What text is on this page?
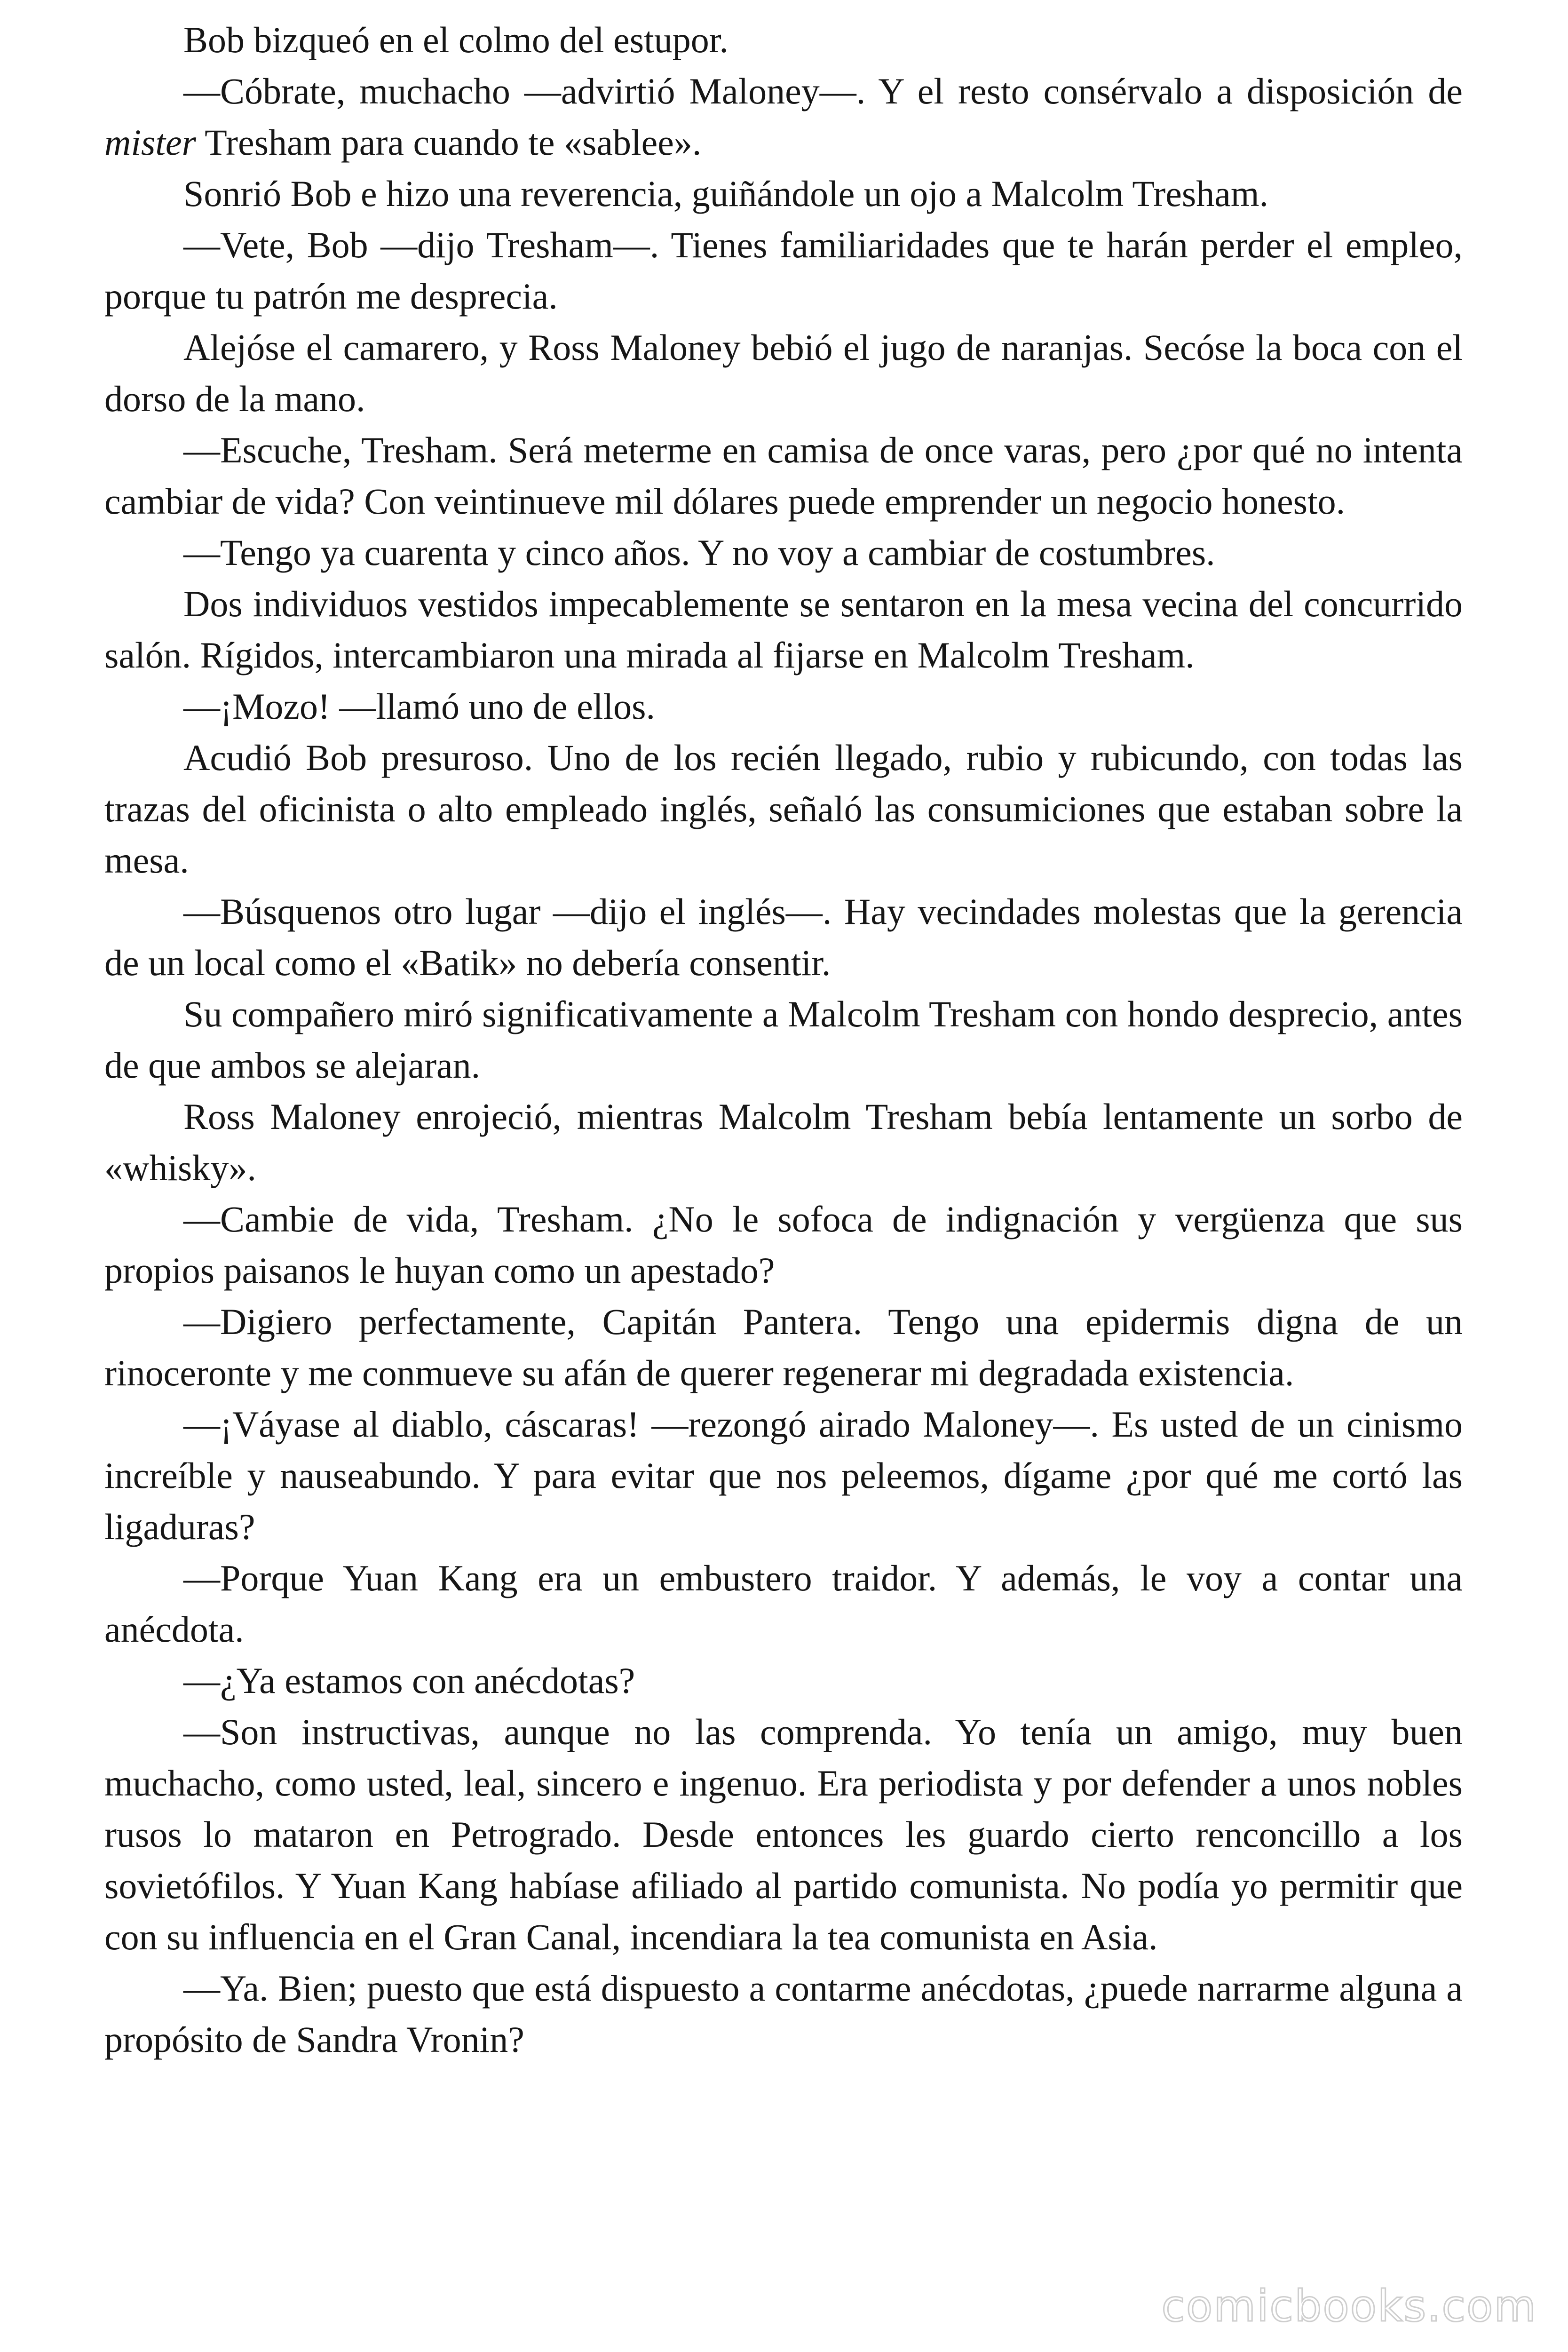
Bob bizqueó en el colmo del estupor.

—Cóbrate, muchacho —advirtió Maloney—. Y el resto consérvalo a disposición de mister Tresham para cuando te «sablee».

Sonrió Bob e hizo una reverencia, guiñándole un ojo a Malcolm Tresham.

—Vete, Bob —dijo Tresham—. Tienes familiaridades que te harán perder el empleo, porque tu patrón me desprecia.

Alejóse el camarero, y Ross Maloney bebió el jugo de naranjas. Secóse la boca con el dorso de la mano.

—Escuche, Tresham. Será meterme en camisa de once varas, pero ¿por qué no intenta cambiar de vida? Con veintinueve mil dólares puede emprender un negocio honesto.

—Tengo ya cuarenta y cinco años. Y no voy a cambiar de costumbres.

Dos individuos vestidos impecablemente se sentaron en la mesa vecina del concurrido salón. Rígidos, intercambiaron una mirada al fijarse en Malcolm Tresham.

—¡Mozo! —llamó uno de ellos.

Acudió Bob presuroso. Uno de los recién llegado, rubio y rubicundo, con todas las trazas del oficinista o alto empleado inglés, señaló las consumiciones que estaban sobre la mesa.

—Búsquenos otro lugar —dijo el inglés—. Hay vecindades molestas que la gerencia de un local como el «Batik» no debería consentir.

Su compañero miró significativamente a Malcolm Tresham con hondo desprecio, antes de que ambos se alejaran.

Ross Maloney enrojeció, mientras Malcolm Tresham bebía lentamente un sorbo de «whisky».

—Cambie de vida, Tresham. ¿No le sofoca de indignación y vergüenza que sus propios paisanos le huyan como un apestado?

—Digiero perfectamente, Capitán Pantera. Tengo una epidermis digna de un rinoceronte y me conmueve su afán de querer regenerar mi degradada existencia.

—¡Váyase al diablo, cáscaras! —rezongó airado Maloney—. Es usted de un cinismo increíble y nauseabundo. Y para evitar que nos peleemos, dígame ¿por qué me cortó las ligaduras?

—Porque Yuan Kang era un embustero traidor. Y además, le voy a contar una anécdota.

—¿Ya estamos con anécdotas?

—Son instructivas, aunque no las comprenda. Yo tenía un amigo, muy buen muchacho, como usted, leal, sincero e ingenuo. Era periodista y por defender a unos nobles rusos lo mataron en Petrogrado. Desde entonces les guardo cierto renconcillo a los sovietófilos. Y Yuan Kang habíase afiliado al partido comunista. No podía yo permitir que con su influencia en el Gran Canal, incendiara la tea comunista en Asia.

—Ya. Bien; puesto que está dispuesto a contarme anécdotas, ¿puede narrarme alguna a propósito de Sandra Vronin?

comicbooks.com
